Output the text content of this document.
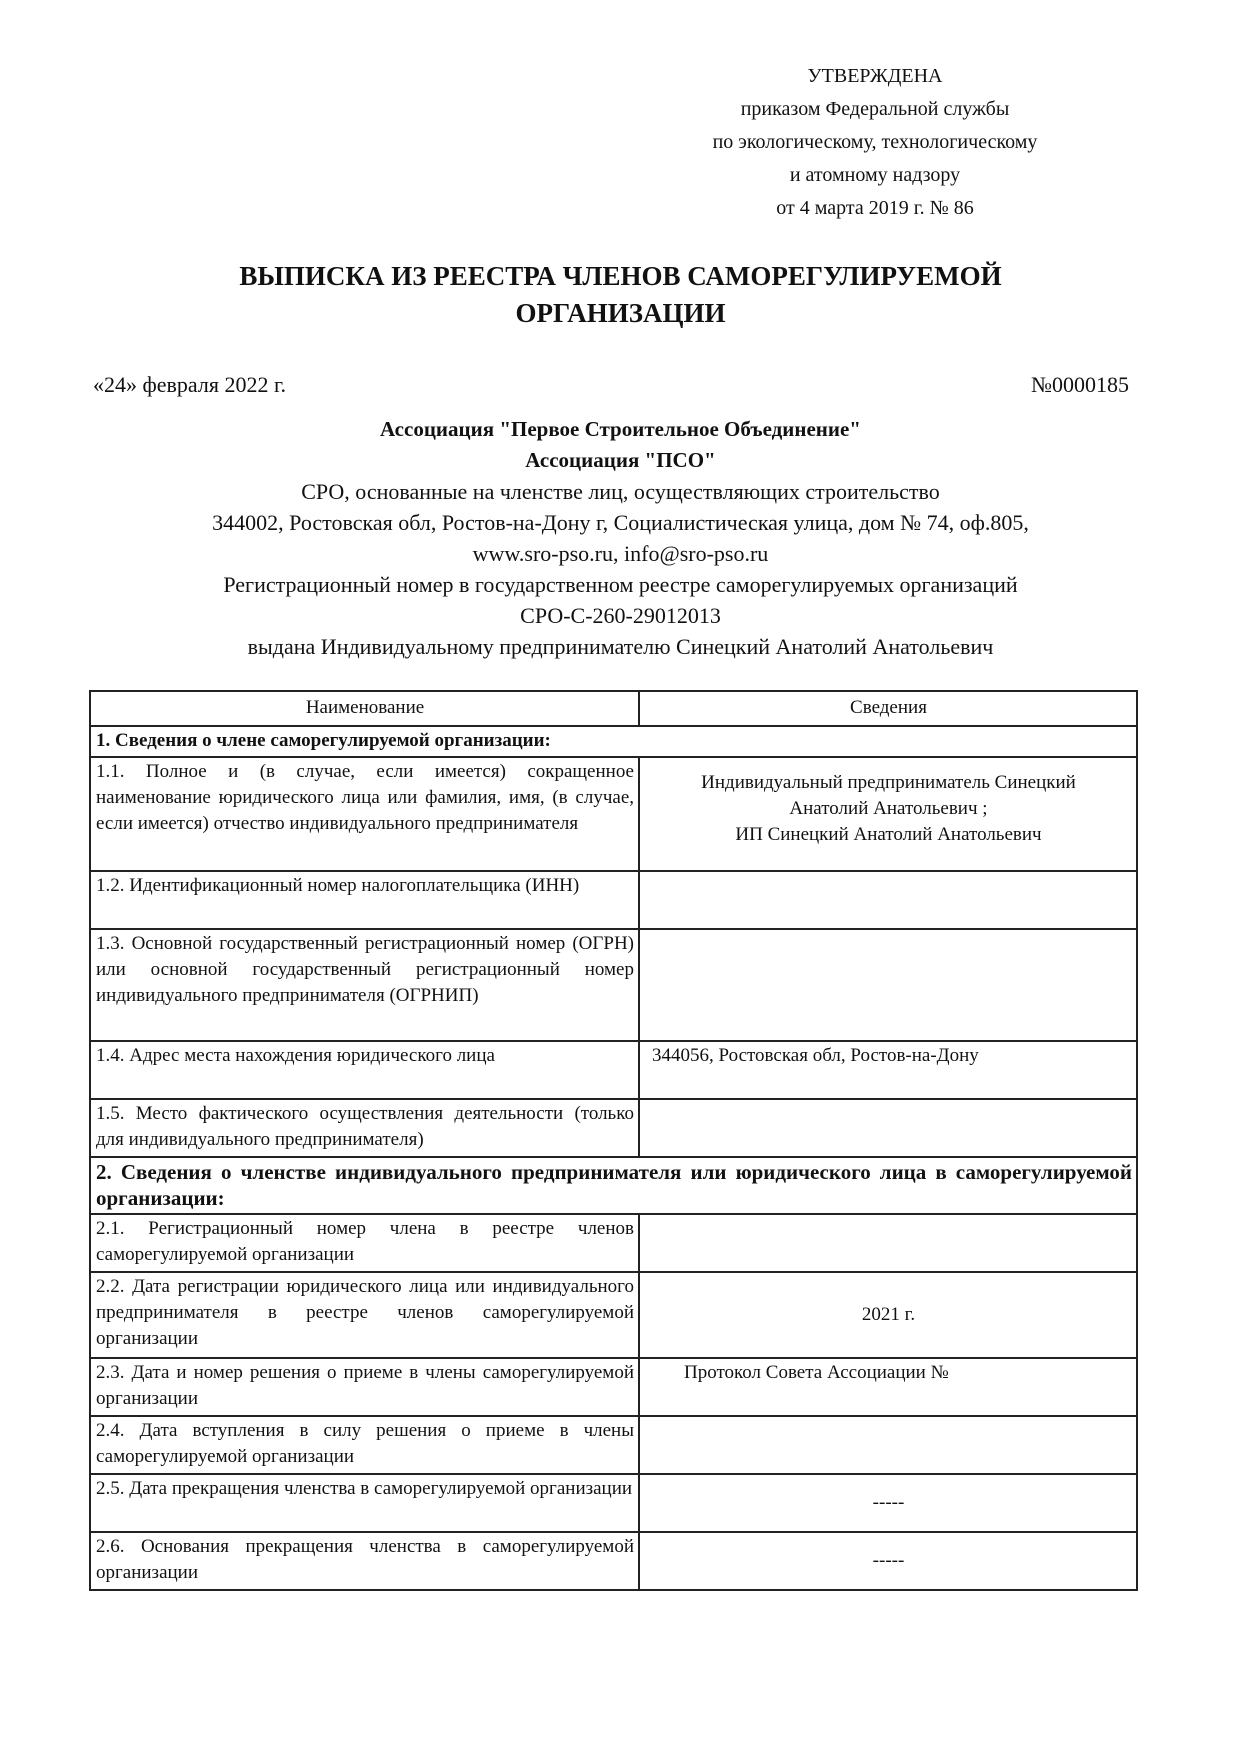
УТВЕРЖДЕНА
приказом Федеральной службы
по экологическому, технологическому
и атомному надзору
от 4 марта 2019 г. № 86
ВЫПИСКА ИЗ РЕЕСТРА ЧЛЕНОВ САМОРЕГУЛИРУЕМОЙ
ОРГАНИЗАЦИИ
«24» февраля 2022 г.	№0000185
Ассоциация "Первое Строительное Объединение"
Ассоциация "ПСО"
СРО, основанные на членстве лиц, осуществляющих строительство
344002, Ростовская обл, Ростов-на-Дону г, Социалистическая улица, дом № 74, оф.805,
www.sro-pso.ru, info@sro-pso.ru
Регистрационный номер в государственном реестре саморегулируемых организаций
СРО-С-260-29012013
выдана Индивидуальному предпринимателю Синецкий Анатолий Анатольевич
Наименование	Сведения
1. Сведения о члене саморегулируемой организации:	
1.1. Полное и (в случае, если имеется) сокращенное наименование юридического лица или фамилия, имя, (в случае, если имеется) отчество индивидуального предпринимателя	Индивидуальный предприниматель Синецкий
Анатолий Анатольевич ;
ИП Синецкий Анатолий Анатольевич

1.2. Идентификационный номер налогоплательщика (ИНН)	
1.3. Основной государственный регистрационный номер (ОГРН) или основной государственный регистрационный номер индивидуального предпринимателя (ОГРНИП)	
1.4. Адрес места нахождения юридического лица	344056, Ростовская обл, Ростов-на-Дону
1.5. Место фактического осуществления деятельности (только для индивидуального предпринимателя)	
2. Сведения о членстве индивидуального предпринимателя или юридического лица в саморегулируемой организации:	
2.1. Регистрационный номер члена в реестре членов саморегулируемой организации	
2.2. Дата регистрации юридического лица или индивидуального предпринимателя в реестре членов саморегулируемой организации	2021 г.
2.3. Дата и номер решения о приеме в члены саморегулируемой организации	Протокол Совета Ассоциации №
2.4. Дата вступления в силу решения о приеме в члены саморегулируемой организации	
2.5. Дата прекращения членства в саморегулируемой организации	-----
2.6. Основания прекращения членства в саморегулируемой организации	-----
